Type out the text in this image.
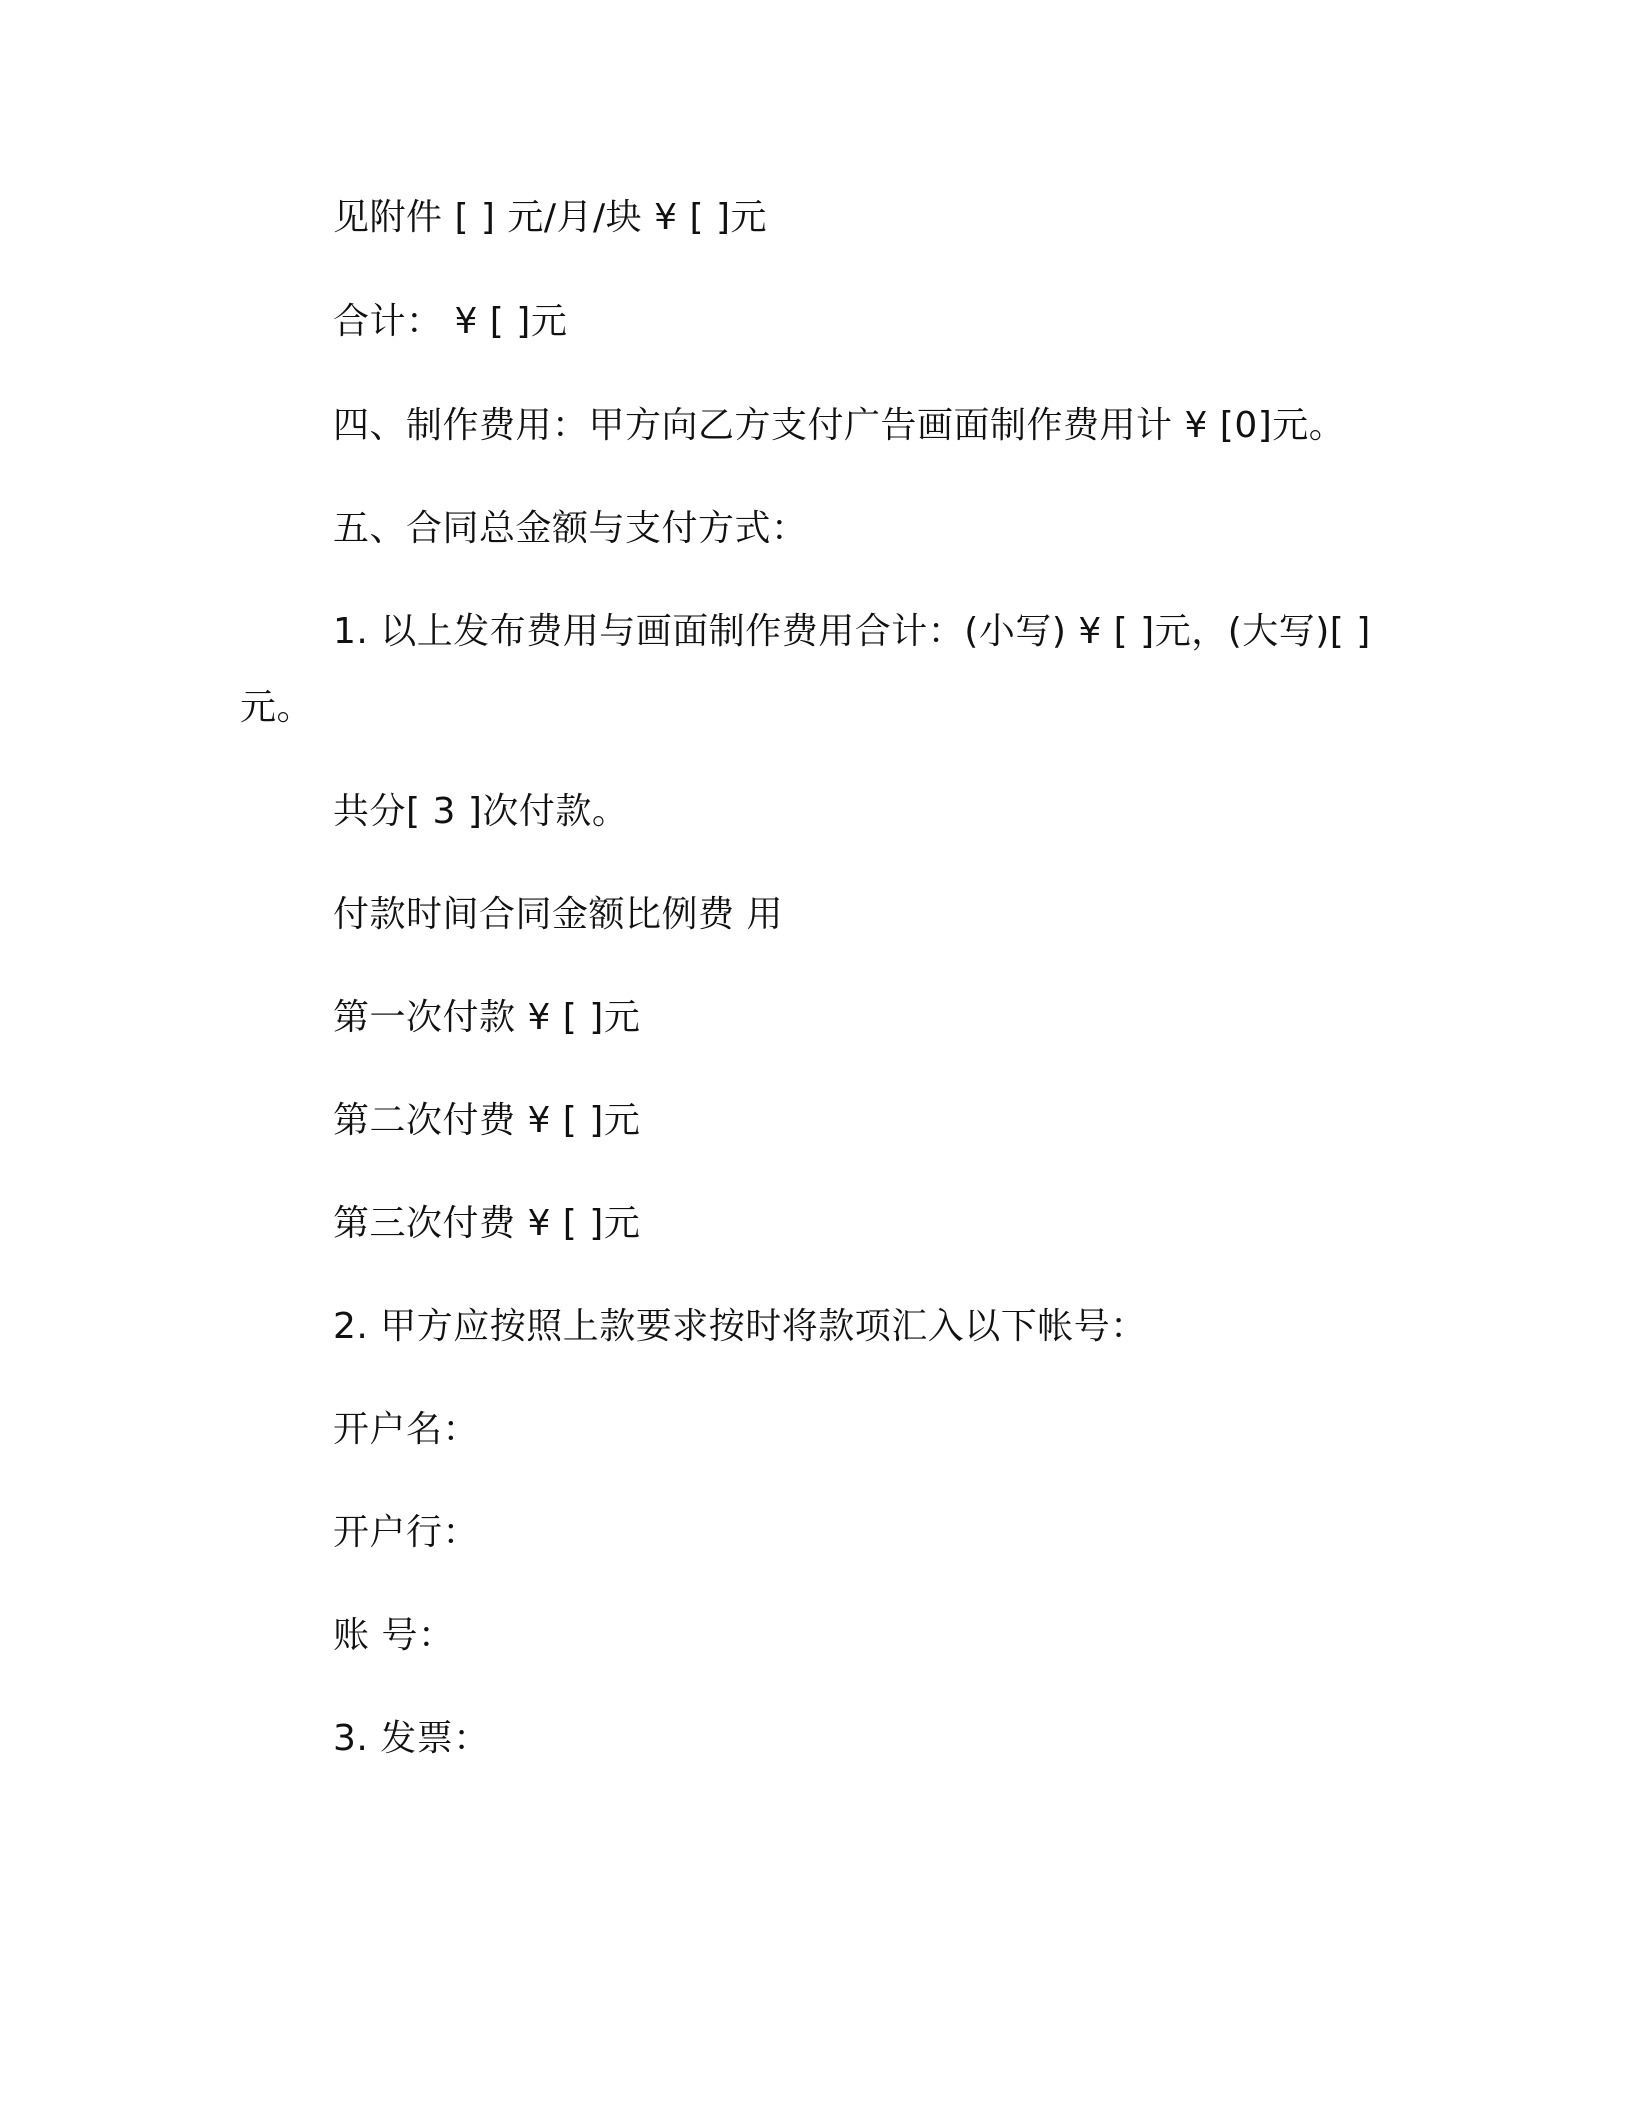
见附件 [ ] 元/月/块 ¥ [ ]元
合计： ¥ [ ]元
四、制作费用：甲方向乙方支付广告画面制作费用计 ¥ [0]元。
五、合同总金额与支付方式：
1. 以上发布费用与画面制作费用合计：(小写) ¥ [ ]元，(大写)[ ]
元。
共分[ 3 ]次付款。
付款时间合同金额比例费 用
第一次付款 ¥ [ ]元
第二次付费 ¥ [ ]元
第三次付费 ¥ [ ]元
2. 甲方应按照上款要求按时将款项汇入以下帐号：
开户名：
开户行：
账 号：
3. 发票：
